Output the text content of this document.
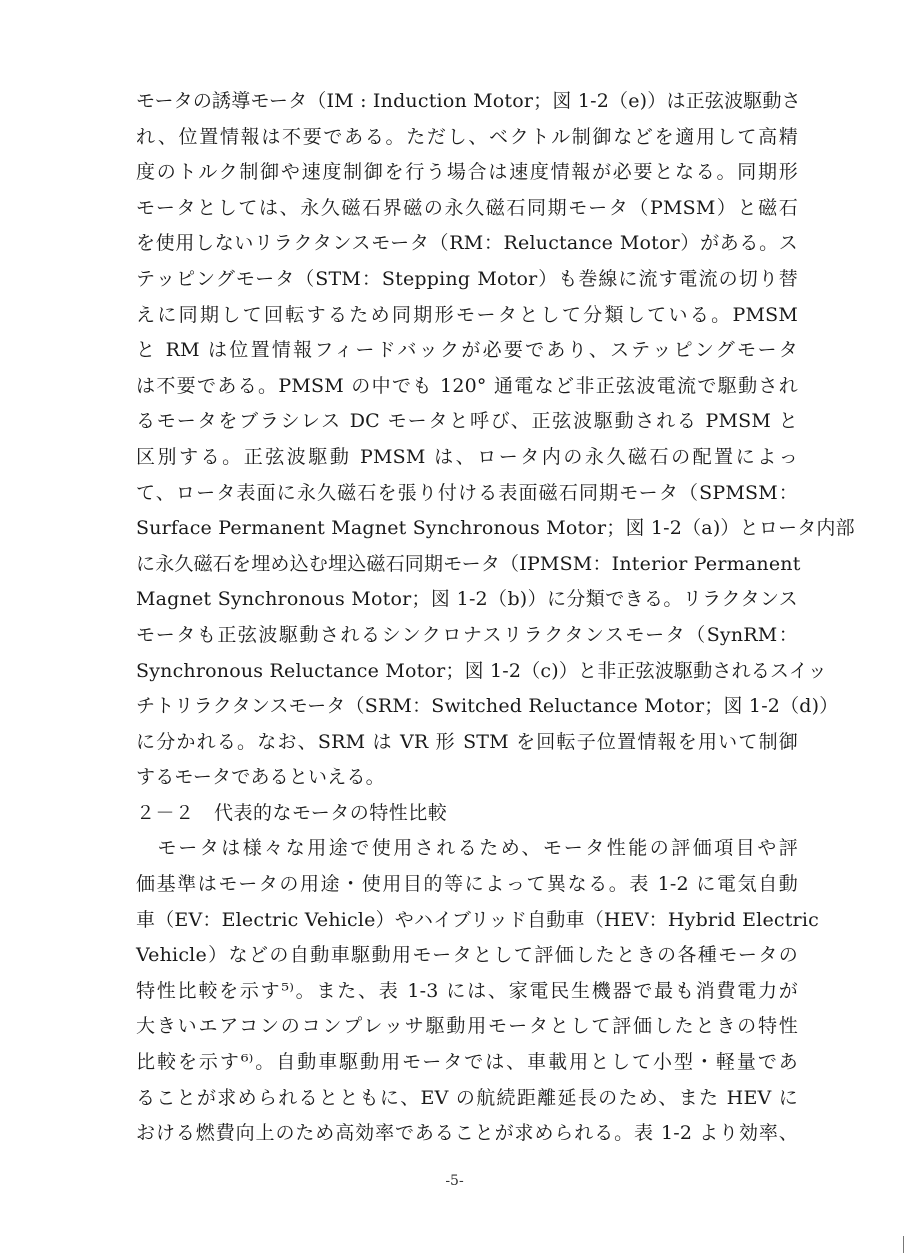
モータの誘導モータ（IM : Induction Motor；図 1-2（e)）は正弦波駆動さ
れ、位置情報は不要である。ただし、ベクトル制御などを適用して高精
度のトルク制御や速度制御を行う場合は速度情報が必要となる。同期形
モータとしては、永久磁石界磁の永久磁石同期モータ（PMSM）と磁石
を使用しないリラクタンスモータ（RM：Reluctance Motor）がある。ス
テッピングモータ（STM：Stepping Motor）も巻線に流す電流の切り替
えに同期して回転するため同期形モータとして分類している。PMSM
と RM は位置情報フィードバックが必要であり、ステッピングモータ
は不要である。PMSM の中でも 120° 通電など非正弦波電流で駆動され
るモータをブラシレス DC モータと呼び、正弦波駆動される PMSM と
区別する。正弦波駆動 PMSM は、ロータ内の永久磁石の配置によっ
て、ロータ表面に永久磁石を張り付ける表面磁石同期モータ（SPMSM：
Surface Permanent Magnet Synchronous Motor；図 1-2（a)）とロータ内部
に永久磁石を埋め込む埋込磁石同期モータ（IPMSM：Interior Permanent
Magnet Synchronous Motor；図 1-2（b)）に分類できる。リラクタンス
モータも正弦波駆動されるシンクロナスリラクタンスモータ（SynRM：
Synchronous Reluctance Motor；図 1-2（c)）と非正弦波駆動されるスイッ
チトリラクタンスモータ（SRM：Switched Reluctance Motor；図 1-2（d)）
に分かれる。なお、SRM は VR 形 STM を回転子位置情報を用いて制御
するモータであるといえる。
２－２　代表的なモータの特性比較
　モータは様々な用途で使用されるため、モータ性能の評価項目や評
価基準はモータの用途・使用目的等によって異なる。表 1-2 に電気自動
車（EV：Electric Vehicle）やハイブリッド自動車（HEV：Hybrid Electric
Vehicle）などの自動車駆動用モータとして評価したときの各種モータの
特性比較を示す⁵⁾。また、表 1-3 には、家電民生機器で最も消費電力が
大きいエアコンのコンプレッサ駆動用モータとして評価したときの特性
比較を示す⁶⁾。自動車駆動用モータでは、車載用として小型・軽量であ
ることが求められるとともに、EV の航続距離延長のため、また HEV に
おける燃費向上のため高効率であることが求められる。表 1-2 より効率、
-5-
